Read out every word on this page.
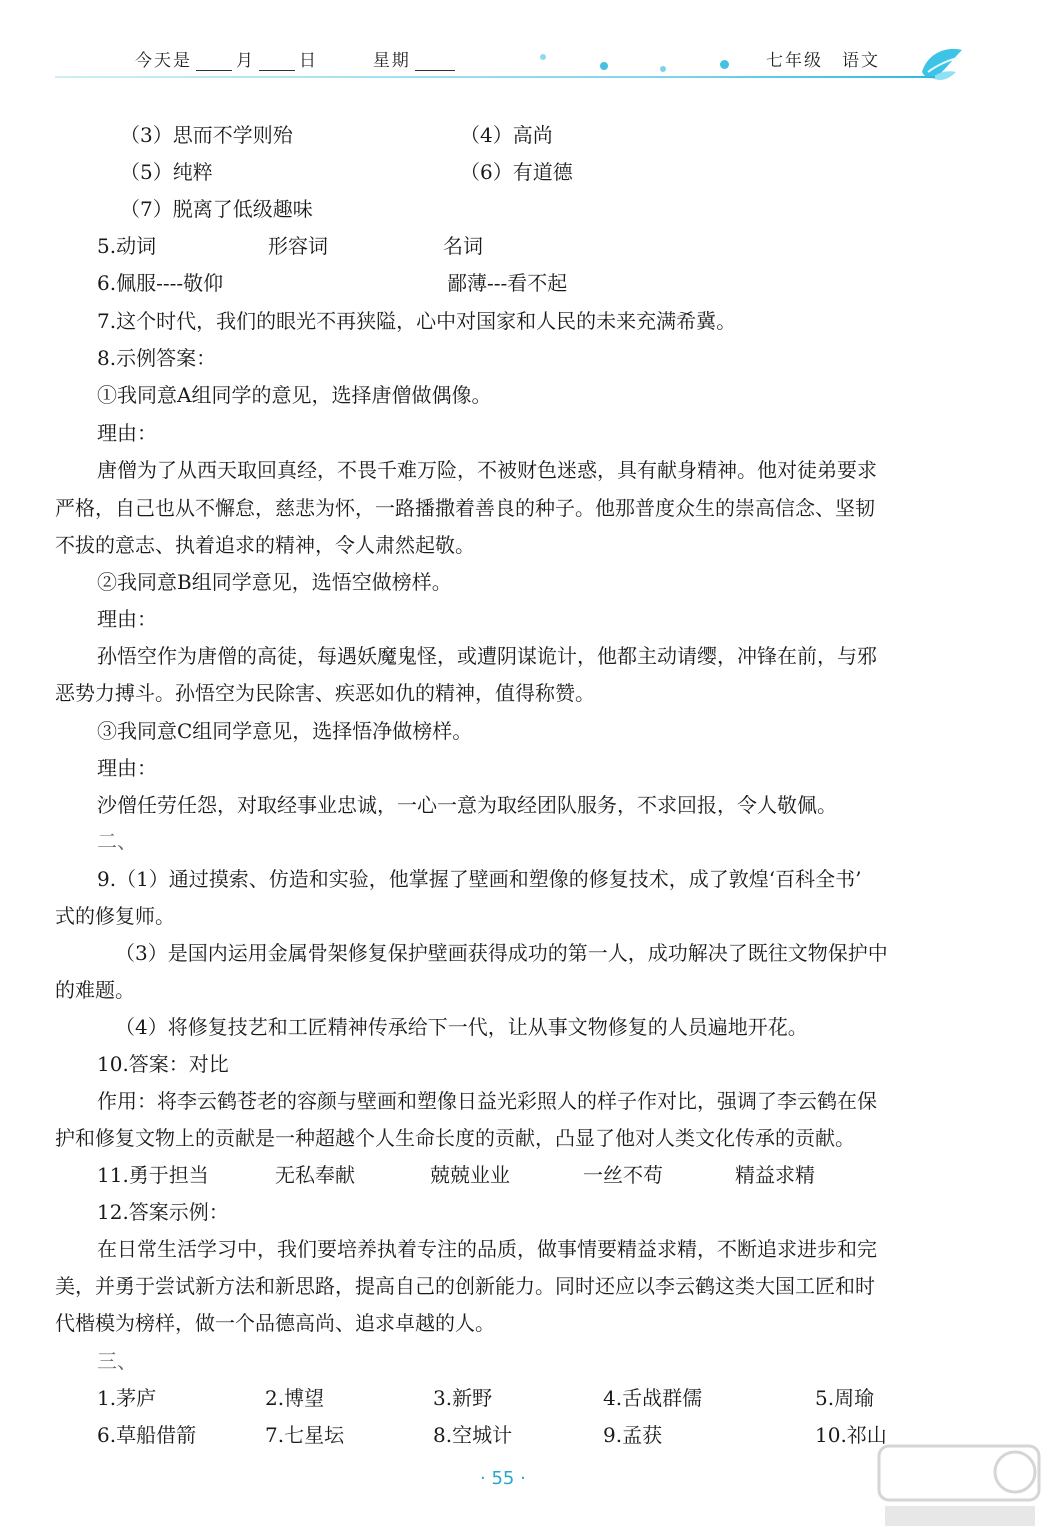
今天是	月	日	星期	七年级　语文
（3）思而不学则殆	（4）高尚
（5）纯粹	（6）有道德
（7）脱离了低级趣味
5.动词	形容词	名词
6.佩服----敬仰	鄙薄---看不起
7.这个时代，我们的眼光不再狭隘，心中对国家和人民的未来充满希冀。
8.示例答案：
①我同意A组同学的意见，选择唐僧做偶像。
理由：
唐僧为了从西天取回真经，不畏千难万险，不被财色迷惑，具有献身精神。他对徒弟要求
严格，自己也从不懈怠，慈悲为怀，一路播撒着善良的种子。他那普度众生的崇高信念、坚韧
不拔的意志、执着追求的精神，令人肃然起敬。
②我同意B组同学意见，选悟空做榜样。
理由：
孙悟空作为唐僧的高徒，每遇妖魔鬼怪，或遭阴谋诡计，他都主动请缨，冲锋在前，与邪
恶势力搏斗。孙悟空为民除害、疾恶如仇的精神，值得称赞。
③我同意C组同学意见，选择悟净做榜样。
理由：
沙僧任劳任怨，对取经事业忠诚，一心一意为取经团队服务，不求回报，令人敬佩。
二、
9.（1）通过摸索、仿造和实验，他掌握了壁画和塑像的修复技术，成了敦煌‘百科全书’
式的修复师。
（3）是国内运用金属骨架修复保护壁画获得成功的第一人，成功解决了既往文物保护中
的难题。
（4）将修复技艺和工匠精神传承给下一代，让从事文物修复的人员遍地开花。
10.答案：对比
作用：将李云鹤苍老的容颜与壁画和塑像日益光彩照人的样子作对比，强调了李云鹤在保
护和修复文物上的贡献是一种超越个人生命长度的贡献，凸显了他对人类文化传承的贡献。
11.勇于担当	无私奉献	兢兢业业	一丝不苟	精益求精
12.答案示例：
在日常生活学习中，我们要培养执着专注的品质，做事情要精益求精，不断追求进步和完
美，并勇于尝试新方法和新思路，提高自己的创新能力。同时还应以李云鹤这类大国工匠和时
代楷模为榜样，做一个品德高尚、追求卓越的人。
三、
1.茅庐	2.博望	3.新野	4.舌战群儒	5.周瑜
6.草船借箭	7.七星坛	8.空城计	9.孟获	10.祁山
· 55 ·
